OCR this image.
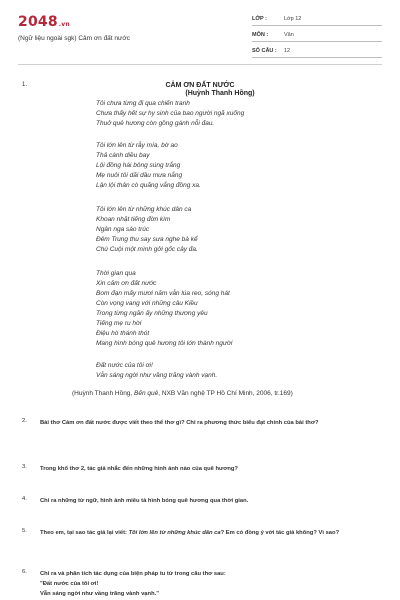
2048.vn
(Ngữ liệu ngoài sgk) Cảm ơn đất nước
LỚP :	Lớp 12
MÔN :	Văn
SỐ CÂU : 12
1.	CẢM ƠN ĐẤT NƯỚC
(Huỳnh Thanh Hồng)
Tôi chưa từng đi qua chiến tranh
Chưa thấy hết sự hy sinh của bao người ngã xuống
Thuở quê hương còn gồng gánh nỗi đau.
Tôi lớn lên từ rẫy mía, bờ ao
Thả cánh diều bay
Lội đồng hái bông súng trắng
Mẹ nuôi tôi dãi dầu mưa nắng
Lận lội thân cò quãng vắng đồng xa.
Tôi lớn lên từ những khúc dân ca
Khoan nhặt tiếng đờn kìm
Ngân nga sáo trúc
Đêm Trung thu say sưa nghe bà kể
Chú Cuội một mình gởi gốc cây đa.
Thời gian qua
Xin cảm ơn đất nước
Bom đạn mấy mươi năm vẫn lúa reo, sóng hát
Còn vọng vang với những câu Kiều
Trong từng ngăn ấy những thương yêu
Tiếng mẹ ru hời
Điệu hò thánh thót
Mang hình bóng quê hương tôi lớn thành người
Đất nước của tôi ơi!
Vẫn sáng ngời như vầng trăng vành vạnh.
(Huỳnh Thanh Hồng, Bến quê, NXB Văn nghệ TP Hồ Chí Minh, 2006, tr.169)
2. Bài thơ Cảm ơn đất nước được viết theo thể thơ gì? Chỉ ra phương thức biểu đạt chính của bài thơ?
3. Trong khổ thơ 2, tác giả nhắc đến những hình ảnh nào của quê hương?
4. Chỉ ra những từ ngữ, hình ảnh miêu tả hình bóng quê hương qua thời gian.
5. Theo em, tại sao tác giả lại viết: Tôi lớn lên từ những khúc dân ca? Em có đồng ý với tác giả không? Vì sao?
6. Chỉ ra và phân tích tác dụng của biện pháp tu từ trong câu thơ sau:
"Đất nước của tôi ơi!
Vẫn sáng ngời như vầng trăng vành vạnh."
